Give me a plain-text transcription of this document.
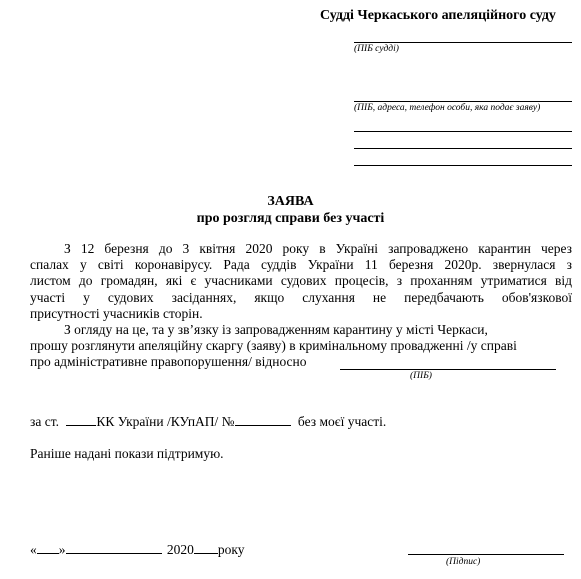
Судді Черкаського апеляційного суду
(ПІБ судді)
(ПІБ, адреса, телефон особи, яка подає заяву)
ЗАЯВА
про розгляд справи без участі
З 12 березня до 3 квітня 2020 року в Україні запроваджено карантин через
спалах у світі коронавірусу. Рада суддів України 11 березня 2020р. звернулася з
листом до громадян, які є учасниками судових процесів, з проханням утриматися від
участі у судових засіданнях, якщо слухання не передбачають обов'язкової
присутності учасників сторін.
З огляду на це, та у зв’язку із запровадженням карантину у місті Черкаси,
прошу розглянути апеляційну скаргу (заяву) в кримінальному провадженні /у справі
про адміністративне правопорушення/ відносно
(ПІБ)
за ст.	КК України /КУпАП/ №	без моєї участі.
Раніше надані покази підтримую.
« »	2020 року
(Підпис)
